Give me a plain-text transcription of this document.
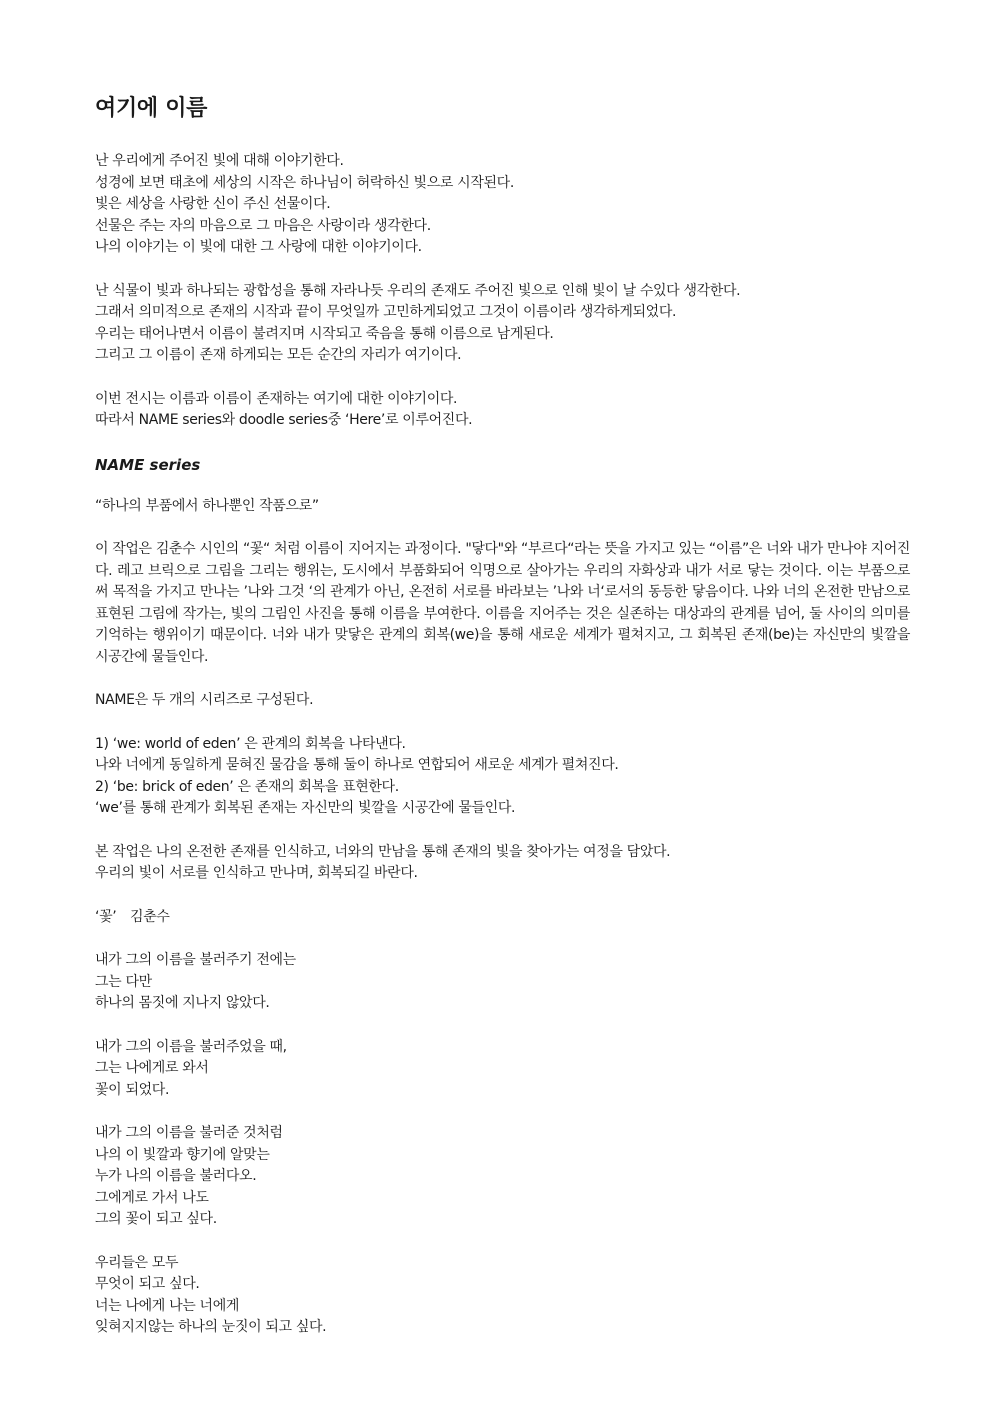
여기에 이름
난 우리에게 주어진 빛에 대해 이야기한다.
성경에 보면 태초에 세상의 시작은 하나님이 허락하신 빛으로 시작된다.
빛은 세상을 사랑한 신이 주신 선물이다.
선물은 주는 자의 마음으로 그 마음은 사랑이라 생각한다.
나의 이야기는 이 빛에 대한 그 사랑에 대한 이야기이다.
난 식물이 빛과 하나되는 광합성을 통해 자라나듯 우리의 존재도 주어진 빛으로 인해 빛이 날 수있다 생각한다.
그래서 의미적으로 존재의 시작과 끝이 무엇일까 고민하게되었고 그것이 이름이라 생각하게되었다.
우리는 태어나면서 이름이 불려지며 시작되고 죽음을 통해 이름으로 남게된다.
그리고 그 이름이 존재 하게되는 모든 순간의 자리가 여기이다.
이번 전시는 이름과 이름이 존재하는 여기에 대한 이야기이다.
따라서 NAME series와 doodle series중 ‘Here’로 이루어진다.
NAME series
“하나의 부품에서 하나뿐인 작품으로”

이 작업은 김춘수 시인의 “꽃“ 처럼 이름이 지어지는 과정이다. "닿다"와 “부르다“라는 뜻을 가지고 있는 “이름”은 너와 내가 만나야 지어진다. 레고 브릭으로 그림을 그리는 행위는, 도시에서 부품화되어 익명으로 살아가는 우리의 자화상과 내가 서로 닿는 것이다. 이는 부품으로써 목적을 가지고 만나는 ’나와 그것 ‘의 관계가 아닌, 온전히 서로를 바라보는 ’나와 너‘로서의 동등한 닿음이다. 나와 너의 온전한 만남으로 표현된 그림에 작가는, 빛의 그림인 사진을 통해 이름을 부여한다. 이름을 지어주는 것은 실존하는 대상과의 관계를 넘어, 둘 사이의 의미를 기억하는 행위이기 때문이다. 너와 내가 맞닿은 관계의 회복(we)을 통해 새로운 세계가 펼쳐지고, 그 회복된 존재(be)는 자신만의 빛깔을 시공간에 물들인다.

NAME은 두 개의 시리즈로 구성된다.
1) ‘we: world of eden’ 은 관계의 회복을 나타낸다.
나와 너에게 동일하게 묻혀진 물감을 통해 둘이 하나로 연합되어 새로운 세계가 펼쳐진다.
2) ‘be: brick of eden’ 은 존재의 회복을 표현한다.
‘we’를 통해 관계가 회복된 존재는 자신만의 빛깔을 시공간에 물들인다.
본 작업은 나의 온전한 존재를 인식하고, 너와의 만남을 통해 존재의 빛을 찾아가는 여정을 담았다.
우리의 빛이 서로를 인식하고 만나며, 회복되길 바란다.
‘꽃’　김춘수
내가 그의 이름을 불러주기 전에는
그는 다만
하나의 몸짓에 지나지 않았다.
내가 그의 이름을 불러주었을 때,
그는 나에게로 와서
꽃이 되었다.
내가 그의 이름을 불러준 것처럼
나의 이 빛깔과 향기에 알맞는
누가 나의 이름을 불러다오.
그에게로 가서 나도
그의 꽃이 되고 싶다.
우리들은 모두
무엇이 되고 싶다.
너는 나에게 나는 너에게
잊혀지지않는 하나의 눈짓이 되고 싶다.
